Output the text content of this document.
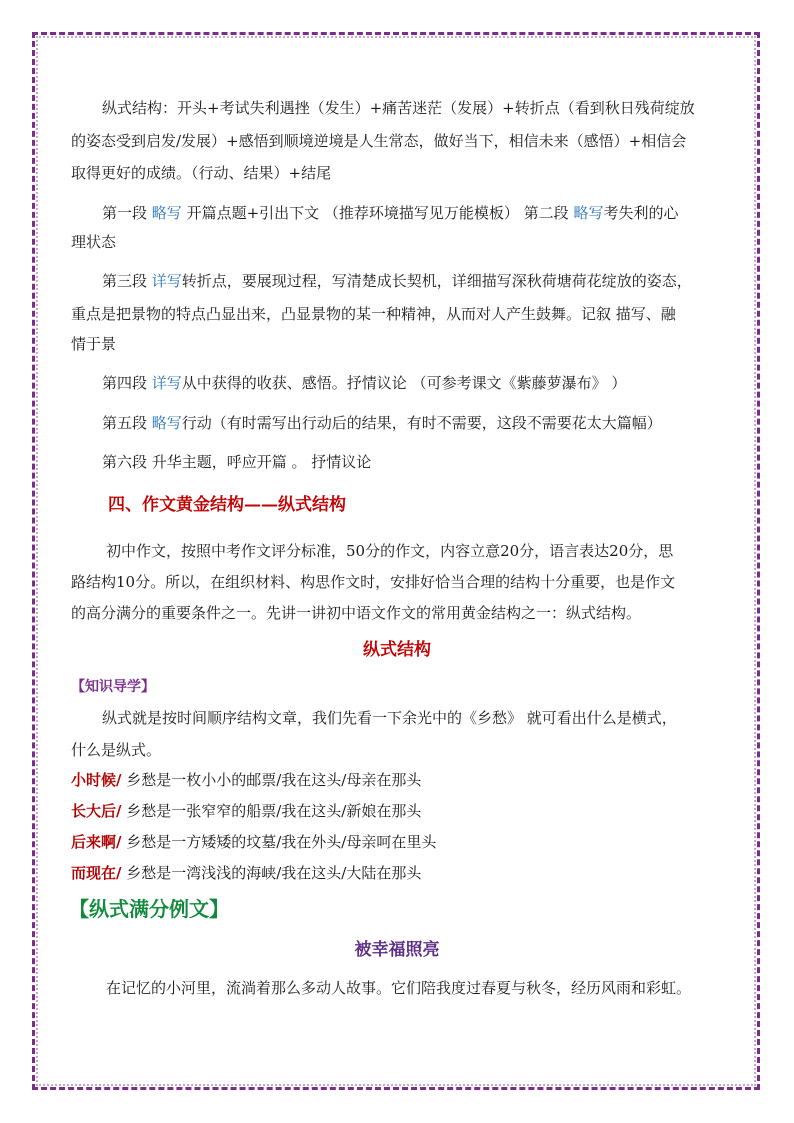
纵式结构：开头+考试失利遇挫（发生）+痛苦迷茫（发展）+转折点（看到秋日残荷绽放
的姿态受到启发/发展）+感悟到顺境逆境是人生常态，做好当下，相信未来（感悟）+相信会
取得更好的成绩。（行动、结果）+结尾
第一段 略写 开篇点题+引出下文 （推荐环境描写见万能模板） 第二段 略写考失利的心
理状态
第三段 详写转折点，要展现过程，写清楚成长契机，详细描写深秋荷塘荷花绽放的姿态，
重点是把景物的特点凸显出来，凸显景物的某一种精神，从而对人产生鼓舞。记叙 描写、融
情于景
第四段 详写从中获得的收获、感悟。抒情议论 （可参考课文《紫藤萝瀑布》 ）
第五段 略写行动（有时需写出行动后的结果，有时不需要，这段不需要花太大篇幅）
第六段 升华主题，呼应开篇 。 抒情议论
四、作文黄金结构——纵式结构
初中作文，按照中考作文评分标准，50分的作文，内容立意20分，语言表达20分，思
路结构10分。所以，在组织材料、构思作文时，安排好恰当合理的结构十分重要，也是作文
的高分满分的重要条件之一。先讲一讲初中语文作文的常用黄金结构之一：纵式结构。
纵式结构
【知识导学】
纵式就是按时间顺序结构文章，我们先看一下余光中的《乡愁》 就可看出什么是横式，
什么是纵式。
小时候/ 乡愁是一枚小小的邮票/我在这头/母亲在那头
长大后/ 乡愁是一张窄窄的船票/我在这头/新娘在那头
后来啊/ 乡愁是一方矮矮的坟墓/我在外头/母亲呵在里头
而现在/ 乡愁是一湾浅浅的海峡/我在这头/大陆在那头
【纵式满分例文】
被幸福照亮
在记忆的小河里，流淌着那么多动人故事。它们陪我度过春夏与秋冬，经历风雨和彩虹。
